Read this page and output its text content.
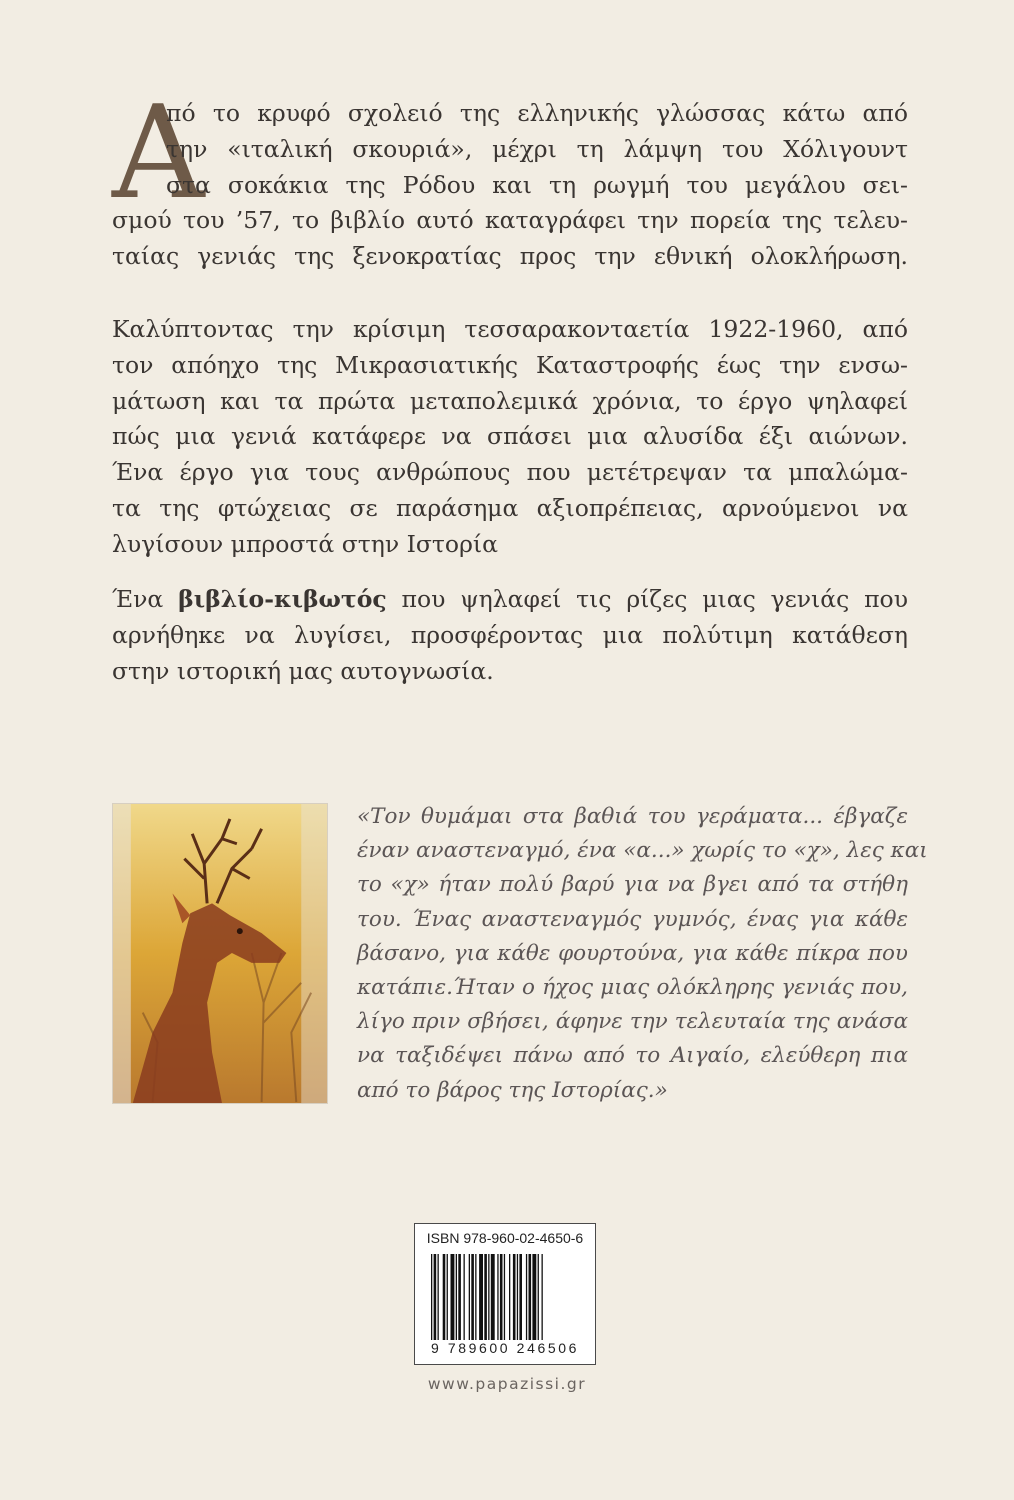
Α
πό το κρυφό σχολειό της ελληνικής γλώσσας κάτω από
την «ιταλική σκουριά», μέχρι τη λάμψη του Χόλιγουντ
στα σοκάκια της Ρόδου και τη ρωγμή του μεγάλου σει-
σμού του ’57, το βιβλίο αυτό καταγράφει την πορεία της τελευ-
ταίας γενιάς της ξενοκρατίας προς την εθνική ολοκλήρωση.
Καλύπτοντας την κρίσιμη τεσσαρακονταετία 1922-1960, από
τον απόηχο της Μικρασιατικής Καταστροφής έως την ενσω-
μάτωση και τα πρώτα μεταπολεμικά χρόνια, το έργο ψηλαφεί
πώς μια γενιά κατάφερε να σπάσει μια αλυσίδα έξι αιώνων.
Ένα έργο για τους ανθρώπους που μετέτρεψαν τα μπαλώμα-
τα της φτώχειας σε παράσημα αξιοπρέπειας, αρνούμενοι να
λυγίσουν μπροστά στην Ιστορία
Ένα βιβλίο-κιβωτός που ψηλαφεί τις ρίζες μιας γενιάς που
αρνήθηκε να λυγίσει, προσφέροντας μια πολύτιμη κατάθεση
στην ιστορική μας αυτογνωσία.
«Τον θυμάμαι στα βαθιά του γεράματα... έβγαζε
έναν αναστεναγμό, ένα «α...» χωρίς το «χ», λες και
το «χ» ήταν πολύ βαρύ για να βγει από τα στήθη
του. Ένας αναστεναγμός γυμνός, ένας για κάθε
βάσανο, για κάθε φουρτούνα, για κάθε πίκρα που
κατάπιε.Ήταν ο ήχος μιας ολόκληρης γενιάς που,
λίγο πριν σβήσει, άφηνε την τελευταία της ανάσα
να ταξιδέψει πάνω από το Αιγαίο, ελεύθερη πια
από το βάρος της Ιστορίας.»
ISBN 978-960-02-4650-6
9 789600 246506
www.papazissi.gr
